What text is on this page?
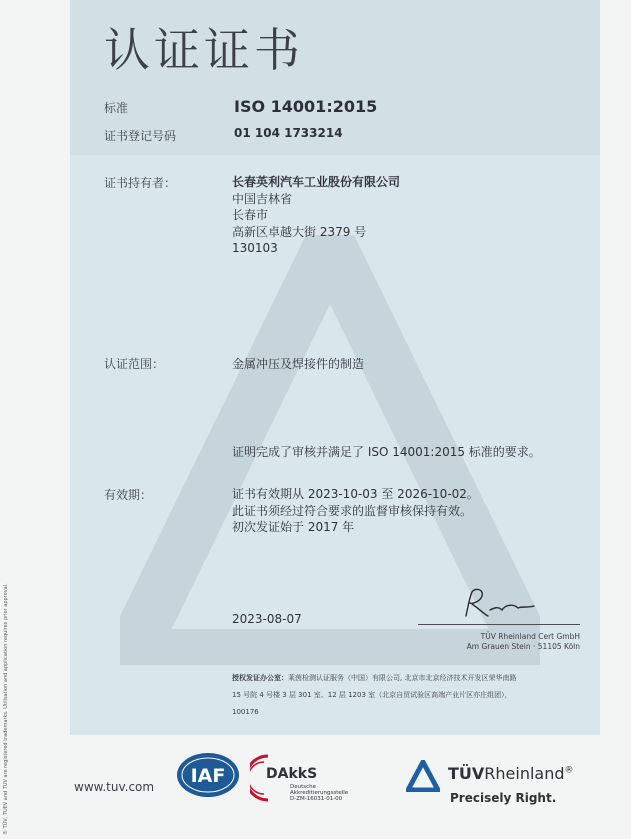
认证证书
标准	ISO 14001:2015
证书登记号码	01 104 1733214
证书持有者：	长春英利汽车工业股份有限公司
中国吉林省
长春市
高新区卓越大街 2379 号
130103
认证范围：	金属冲压及焊接件的制造
证明完成了审核并满足了 ISO 14001:2015 标准的要求。
有效期：	证书有效期从 2023-10-03 至 2026-10-02。
此证书须经过符合要求的监督审核保持有效。
初次发证始于 2017 年
2023-08-07
TÜV Rheinland Cert GmbH
Am Grauen Stein · 51105 Köln
授权发证办公室：莱茵检测认证服务（中国）有限公司, 北京市北京经济技术开发区荣华南路
15 号院 4 号楼 3 层 301 室、12 层 1203 室（北京自贸试验区高端产业片区亦庄组团），
100176
® TÜV, TUEV and TUV are registered trademarks. Utilisation and application requires prior approval.	www.tuv.com IAF	DAkkS
Deutsche
Akkreditierungsstelle
D-ZM-16031-01-00
TÜVRheinland®
Precisely Right.
